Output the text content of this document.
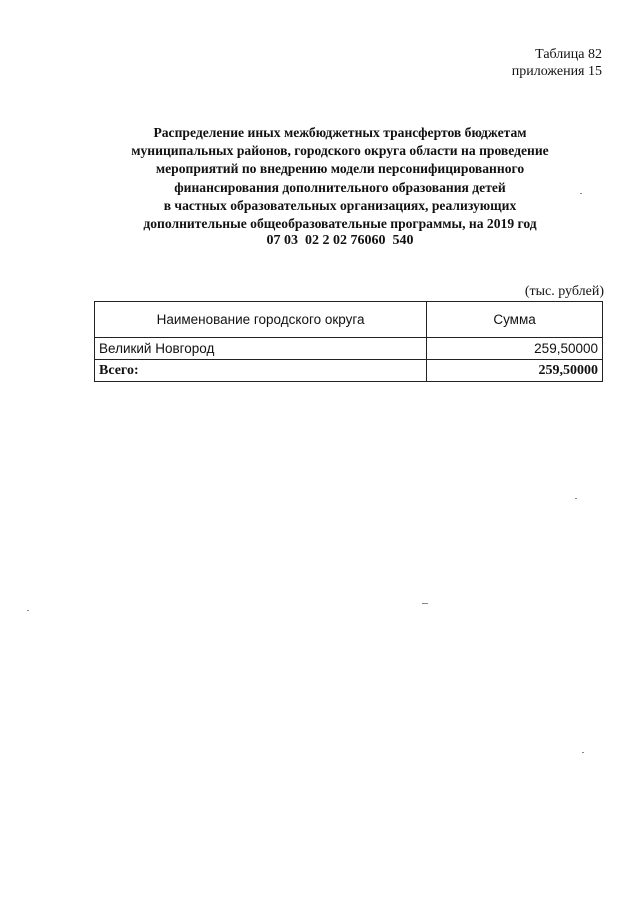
Таблица 82
приложения 15
Распределение иных межбюджетных трансфертов бюджетам
муниципальных районов, городского округа области на проведение
мероприятий по внедрению модели персонифицированного
финансирования дополнительного образования детей
в частных образовательных организациях, реализующих
дополнительные общеобразовательные программы, на 2019 год
07 03  02 2 02 76060  540
(тыс. рублей)
Наименование городского округа	Сумма
Великий Новгород	259,50000
Всего:	259,50000
